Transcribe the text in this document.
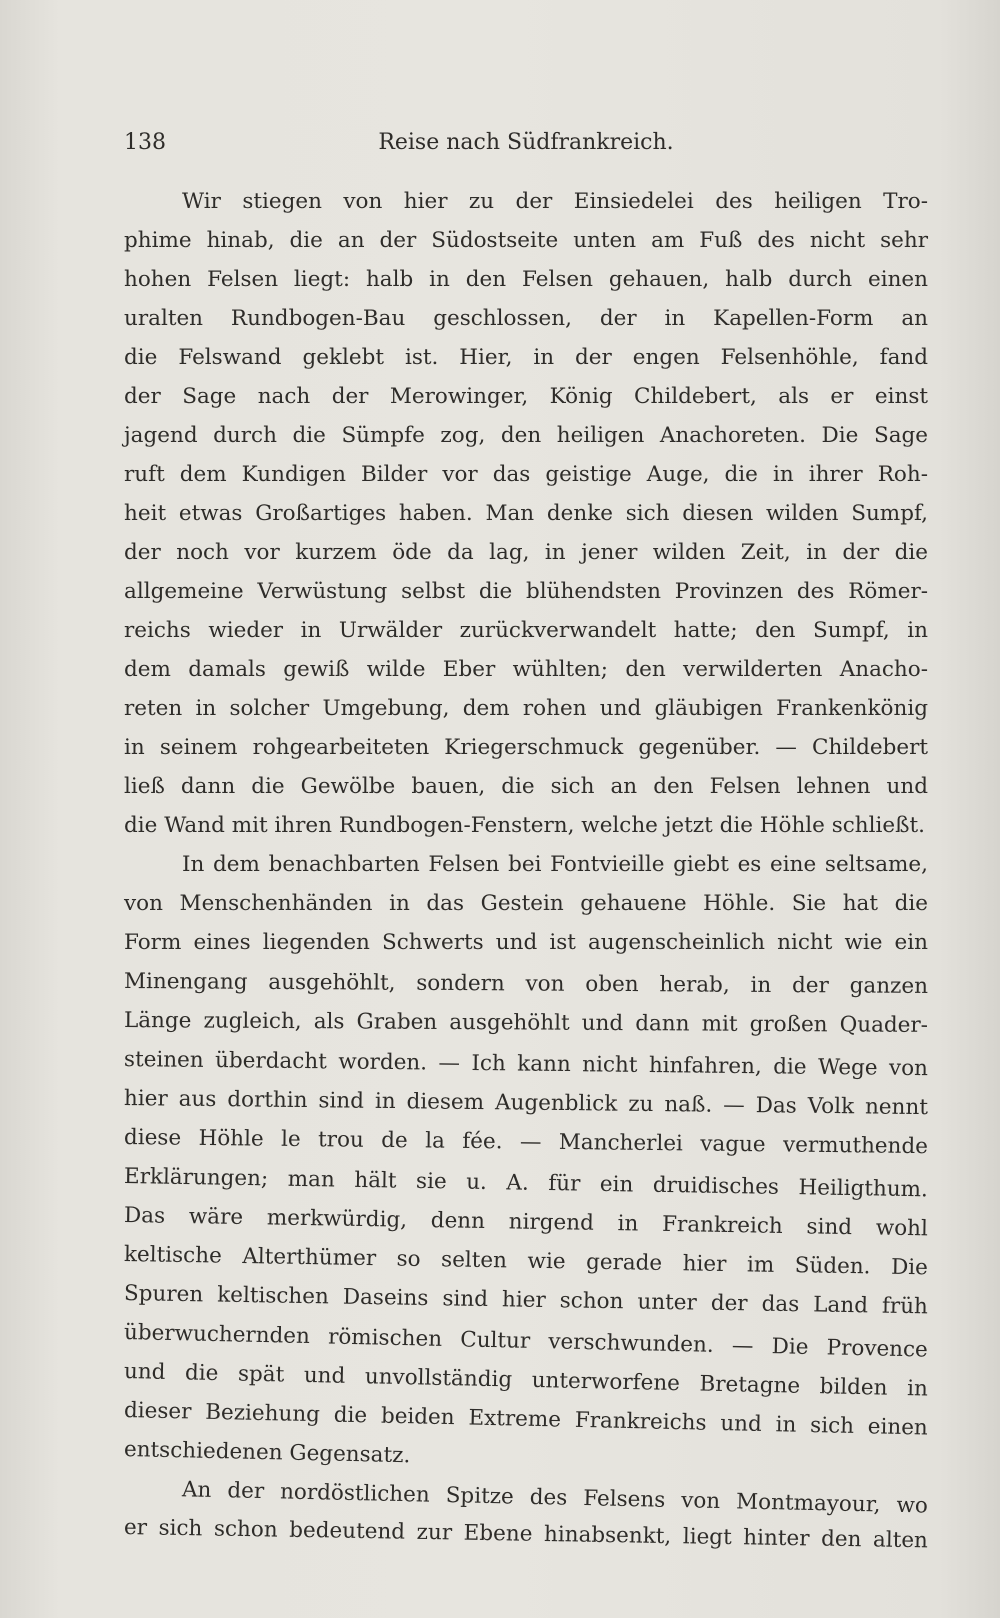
138	Reise nach Südfrankreich.
Wir stiegen von hier zu der Einsiedelei des heiligen Tro-
phime hinab, die an der Südostseite unten am Fuß des nicht sehr
hohen Felsen liegt: halb in den Felsen gehauen, halb durch einen
uralten Rundbogen-Bau geschlossen, der in Kapellen-Form an
die Felswand geklebt ist. Hier, in der engen Felsenhöhle, fand
der Sage nach der Merowinger, König Childebert, als er einst
jagend durch die Sümpfe zog, den heiligen Anachoreten. Die Sage
ruft dem Kundigen Bilder vor das geistige Auge, die in ihrer Roh-
heit etwas Großartiges haben. Man denke sich diesen wilden Sumpf,
der noch vor kurzem öde da lag, in jener wilden Zeit, in der die
allgemeine Verwüstung selbst die blühendsten Provinzen des Römer-
reichs wieder in Urwälder zurückverwandelt hatte; den Sumpf, in
dem damals gewiß wilde Eber wühlten; den verwilderten Anacho-
reten in solcher Umgebung, dem rohen und gläubigen Frankenkönig
in seinem rohgearbeiteten Kriegerschmuck gegenüber. — Childebert
ließ dann die Gewölbe bauen, die sich an den Felsen lehnen und
die Wand mit ihren Rundbogen-Fenstern, welche jetzt die Höhle schließt.
In dem benachbarten Felsen bei Fontvieille giebt es eine seltsame,
von Menschenhänden in das Gestein gehauene Höhle. Sie hat die
Form eines liegenden Schwerts und ist augenscheinlich nicht wie ein
Minengang ausgehöhlt, sondern von oben herab, in der ganzen
Länge zugleich, als Graben ausgehöhlt und dann mit großen Quader-
steinen überdacht worden. — Ich kann nicht hinfahren, die Wege von
hier aus dorthin sind in diesem Augenblick zu naß. — Das Volk nennt
diese Höhle le trou de la fée. — Mancherlei vague vermuthende
Erklärungen; man hält sie u. A. für ein druidisches Heiligthum.
Das wäre merkwürdig, denn nirgend in Frankreich sind wohl
keltische Alterthümer so selten wie gerade hier im Süden. Die
Spuren keltischen Daseins sind hier schon unter der das Land früh
überwuchernden römischen Cultur verschwunden. — Die Provence
und die spät und unvollständig unterworfene Bretagne bilden in
dieser Beziehung die beiden Extreme Frankreichs und in sich einen
entschiedenen Gegensatz.
An der nordöstlichen Spitze des Felsens von Montmayour, wo
er sich schon bedeutend zur Ebene hinabsenkt, liegt hinter den alten
